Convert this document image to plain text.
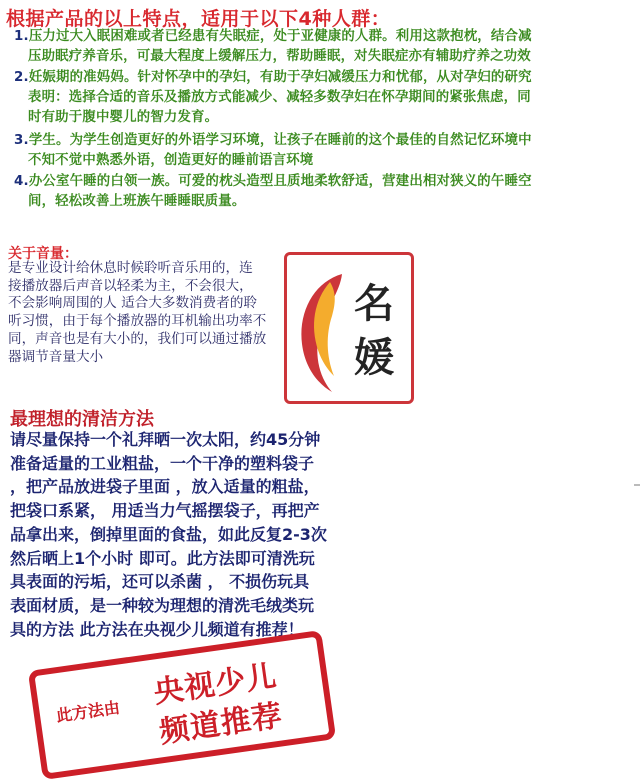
根据产品的以上特点，适用于以下4种人群：
1.压力过大入眠困难或者已经患有失眠症，处于亚健康的人群。利用这款抱枕，结合减
压助眠疗养音乐，可最大程度上缓解压力，帮助睡眠，对失眠症亦有辅助疗养之功效
2.妊娠期的准妈妈。针对怀孕中的孕妇，有助于孕妇减缓压力和忧郁，从对孕妇的研究
表明：选择合适的音乐及播放方式能减少、减轻多数孕妇在怀孕期间的紧张焦虑，同
时有助于腹中婴儿的智力发育。
3.学生。为学生创造更好的外语学习环境，让孩子在睡前的这个最佳的自然记忆环境中
不知不觉中熟悉外语，创造更好的睡前语言环境
4.办公室午睡的白领一族。可爱的枕头造型且质地柔软舒适，营建出相对狭义的午睡空
间，轻松改善上班族午睡睡眠质量。
关于音量：
是专业设计给休息时候聆听音乐用的，连
接播放器后声音以轻柔为主，不会很大，
不会影响周围的人 适合大多数消费者的聆
听习惯，由于每个播放器的耳机输出功率不
同，声音也是有大小的，我们可以通过播放
器调节音量大小
名
媛
最理想的清洁方法
请尽量保持一个礼拜晒一次太阳，约45分钟
准备适量的工业粗盐，一个干净的塑料袋子
，把产品放进袋子里面 ，放入适量的粗盐，
把袋口系紧， 用适当力气摇摆袋子，再把产
品拿出来，倒掉里面的食盐，如此反复2-3次
然后晒上1个小时 即可。此方法即可清洗玩
具表面的污垢，还可以杀菌 ， 不损伤玩具
表面材质，是一种较为理想的清洗毛绒类玩
具的方法 此方法在央视少儿频道有推荐！
此方法由
央视少儿
频道推荐
